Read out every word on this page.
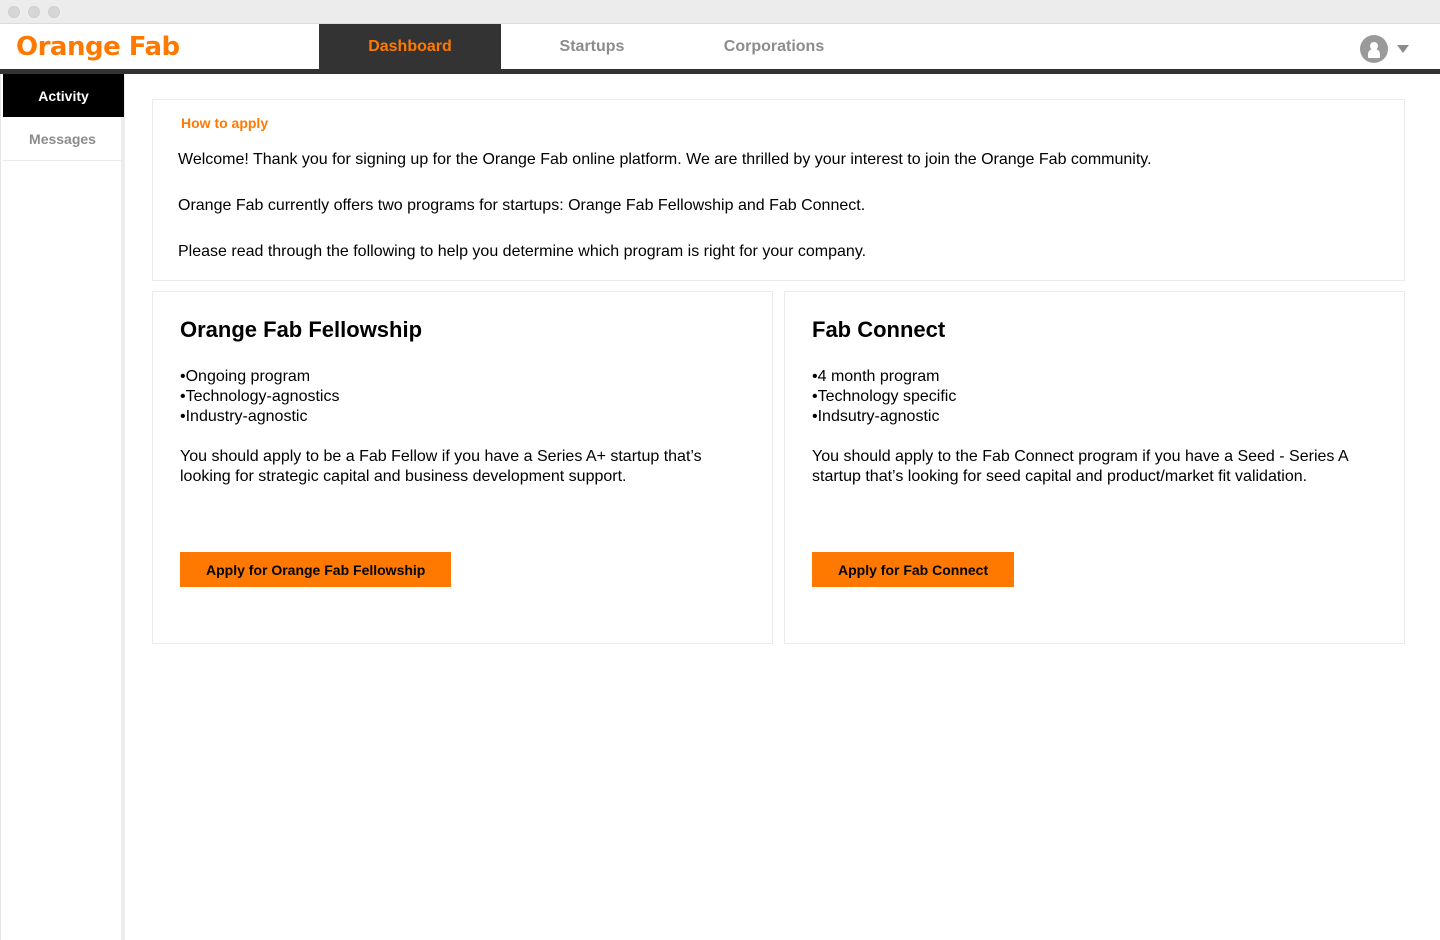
Orange Fab	Dashboard	Startups	Corporations
Activity
Messages
How to apply

Welcome! Thank you for signing up for the Orange Fab online platform. We are thrilled by your interest to join the Orange Fab community.

Orange Fab currently offers two programs for startups: Orange Fab Fellowship and Fab Connect.

Please read through the following to help you determine which program is right for your company.

Orange Fab Fellowship
• Ongoing program
• Technology-agnostics
• Industry-agnostic

You should apply to be a Fab Fellow if you have a Series A+ startup that’s looking for strategic capital and business development support.

Apply for Orange Fab Fellowship
Fab Connect
• 4 month program
• Technology specific
• Indsutry-agnostic

You should apply to the Fab Connect program if you have a Seed - Series A startup that’s looking for seed capital and product/market fit validation.

Apply for Fab Connect
